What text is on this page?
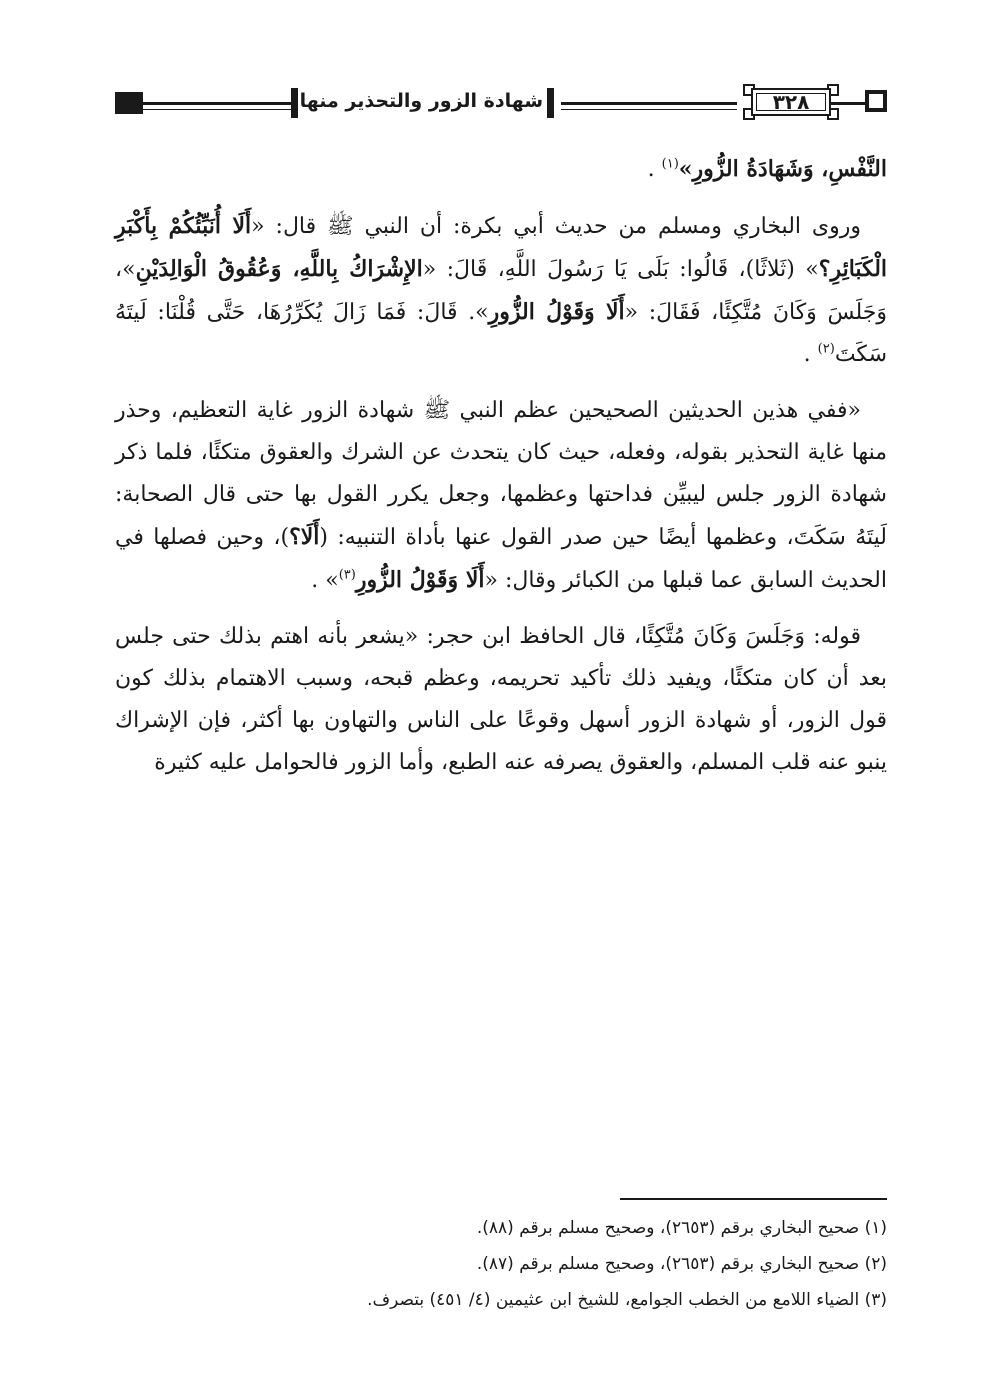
٣٢٨
شهادة الزور والتحذير منها

النَّفْسِ، وَشَهَادَةُ الزُّورِ»$^{(١)}$ .

وروى البخاري ومسلم من حديث أبي بكرة: أن النبي ﷺ قال: «أَلَا أُنَبِّئُكُمْ بِأَكْبَرِ الْكَبَائِرِ؟» (ثَلاثًا)، قَالُوا: بَلَى يَا رَسُولَ اللَّهِ، قَالَ: «الإِشْرَاكُ بِاللَّهِ، وَعُقُوقُ الْوَالِدَيْنِ»، وَجَلَسَ وَكَانَ مُتَّكِئًا، فَقَالَ: «أَلَا وَقَوْلُ الزُّورِ». قَالَ: فَمَا زَالَ يُكَرِّرُهَا، حَتَّى قُلْنَا: لَيتَهُ سَكَتَ$^{(٢)}$ .

«ففي هذين الحديثين الصحيحين عظم النبي ﷺ شهادة الزور غاية التعظيم، وحذر منها غاية التحذير بقوله، وفعله، حيث كان يتحدث عن الشرك والعقوق متكئًا، فلما ذكر شهادة الزور جلس ليبيِّن فداحتها وعظمها، وجعل يكرر القول بها حتى قال الصحابة: لَيتَهُ سَكَتَ، وعظمها أيضًا حين صدر القول عنها بأداة التنبيه: (أَلَا؟)، وحين فصلها في الحديث السابق عما قبلها من الكبائر وقال: «أَلَا وَقَوْلُ الزُّورِ$^{(٣)}$» .

قوله: وَجَلَسَ وَكَانَ مُتَّكِئًا، قال الحافظ ابن حجر: «يشعر بأنه اهتم بذلك حتى جلس بعد أن كان متكئًا، ويفيد ذلك تأكيد تحريمه، وعظم قبحه، وسبب الاهتمام بذلك كون قول الزور، أو شهادة الزور أسهل وقوعًا على الناس والتهاون بها أكثر، فإن الإشراك ينبو عنه قلب المسلم، والعقوق يصرفه عنه الطبع، وأما الزور فالحوامل عليه كثيرة

(١) صحيح البخاري برقم (٢٦٥٣)، وصحيح مسلم برقم (٨٨).

(٢) صحيح البخاري برقم (٢٦٥٣)، وصحيح مسلم برقم (٨٧).

(٣) الضياء اللامع من الخطب الجوامع، للشيخ ابن عثيمين (٤/ ٤٥١) بتصرف.
